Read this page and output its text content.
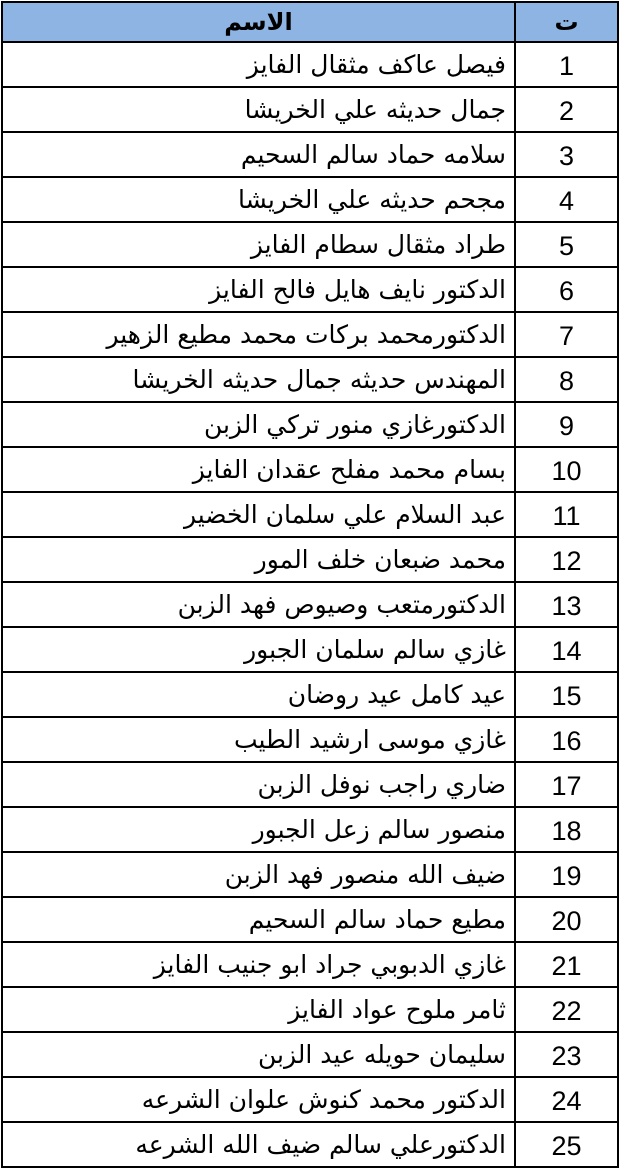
ت	الاسم
1	فيصل عاكف مثقال الفايز
2	جمال حديثه علي الخريشا
3	سلامه حماد سالم السحيم
4	مجحم حديثه علي الخريشا
5	طراد مثقال سطام الفايز
6	الدكتور نايف هايل فالح الفايز
7	الدكتورمحمد بركات محمد مطيع الزهير
8	المهندس حديثه جمال حديثه الخريشا
9	الدكتورغازي منور تركي الزبن
10	بسام محمد مفلح عقدان الفايز
11	عبد السلام علي سلمان الخضير
12	محمد ضبعان خلف المور
13	الدكتورمتعب وصيوص فهد الزبن
14	غازي سالم سلمان الجبور
15	عيد كامل عيد روضان
16	غازي موسى ارشيد الطيب
17	ضاري راجب نوفل الزبن
18	منصور سالم زعل الجبور
19	ضيف الله منصور فهد الزبن
20	مطيع حماد سالم السحيم
21	غازي الدبوبي جراد ابو جنيب الفايز
22	ثامر ملوح عواد الفايز
23	سليمان حويله عيد الزبن
24	الدكتور محمد كنوش علوان الشرعه
25	الدكتورعلي سالم ضيف الله الشرعه
